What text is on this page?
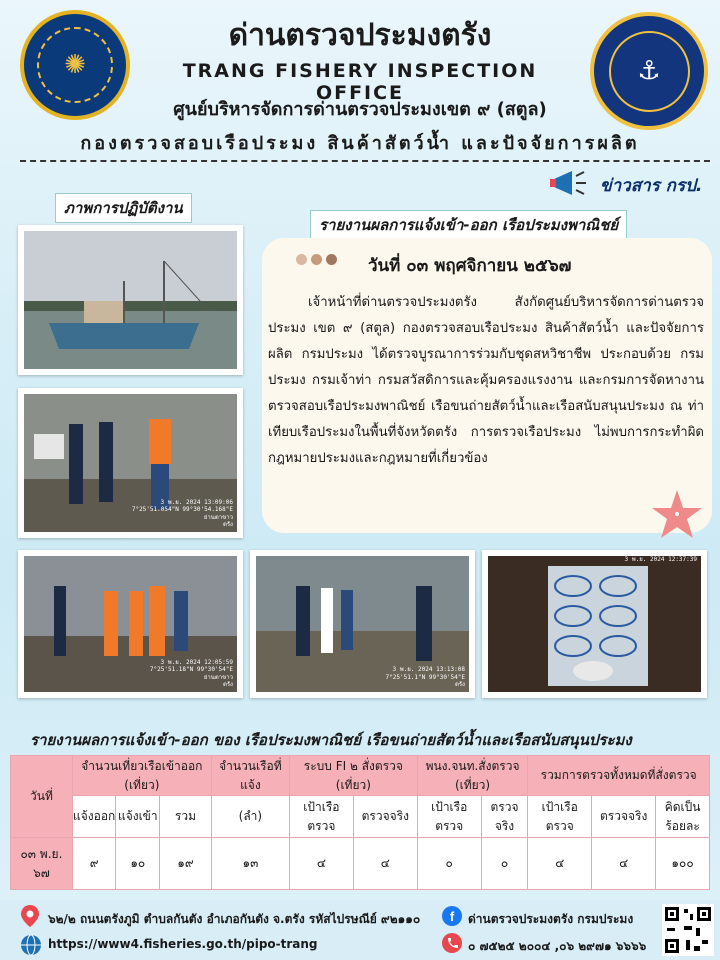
✺	⚓
ด่านตรวจประมงตรัง
TRANG FISHERY INSPECTION OFFICE
ศูนย์บริหารจัดการด่านตรวจประมงเขต ๙ (สตูล)
กองตรวจสอบเรือประมง สินค้าสัตว์น้ำ และปัจจัยการผลิต
ข่าวสาร กรป.
ภาพการปฏิบัติงาน
รายงานผลการแจ้งเข้า-ออก เรือประมงพาณิชย์
3 พ.ย. 2024 13:09:06
7°25'51.054"N 99°30'54.168"E
ย่านตาขาว
ตรัง
วันที่ ๐๓ พฤศจิกายน ๒๕๖๗
เจ้าหน้าที่ด่านตรวจประมงตรัง สังกัดศูนย์บริหารจัดการด่านตรวจประมง เขต ๙ (สตูล) กองตรวจสอบเรือประมง สินค้าสัตว์น้ำ และปัจจัยการผลิต กรมประมง ได้ตรวจบูรณาการร่วมกับชุดสหวิชาชีพ ประกอบด้วย กรมประมง กรมเจ้าท่า กรมสวัสดิการและคุ้มครองแรงงาน และกรมการจัดหางาน ตรวจสอบเรือประมงพาณิชย์ เรือขนถ่ายสัตว์น้ำและเรือสนับสนุนประมง ณ ท่าเทียบเรือประมงในพื้นที่จังหวัดตรัง การตรวจเรือประมง ไม่พบการกระทำผิดกฎหมายประมงและกฎหมายที่เกี่ยวข้อง
3 พ.ย. 2024 12:05:59
7°25'51.18"N 99°30'54"E
ย่านตาขาว
ตรัง
3 พ.ย. 2024 13:13:08
7°25'51.1"N 99°30'54"E
ตรัง
3 พ.ย. 2024 12:37:39
รายงานผลการแจ้งเข้า-ออก ของ เรือประมงพาณิชย์ เรือขนถ่ายสัตว์น้ำและเรือสนับสนุนประมง
วันที่	จำนวนเที่ยวเรือเข้าออก (เที่ยว)			จำนวนเรือที่แจ้ง	ระบบ FI ๒ สั่งตรวจ (เที่ยว)		พนง.จนท.สั่งตรวจ (เที่ยว)		รวมการตรวจทั้งหมดที่สั่งตรวจ		
	แจ้งออก	แจ้งเข้า	รวม	(ลำ)	เป้าเรือตรวจ	ตรวจจริง	เป้าเรือตรวจ	ตรวจจริง	เป้าเรือตรวจ	ตรวจจริง	คิดเป็นร้อยละ
๐๓ พ.ย. ๖๗	๙	๑๐	๑๙	๑๓	๔	๔	๐	๐	๔	๔	๑๐๐
๖๒/๒ ถนนตรังภูมิ ตำบลกันตัง อำเภอกันตัง จ.ตรัง รหัสไปรษณีย์ ๙๒๑๑๐
https://www4.fisheries.go.th/pipo-trang
f ด่านตรวจประมงตรัง กรมประมง
๐ ๗๕๒๕ ๒๐๐๔ ,๐๖ ๒๙๗๑ ๖๖๖๖
